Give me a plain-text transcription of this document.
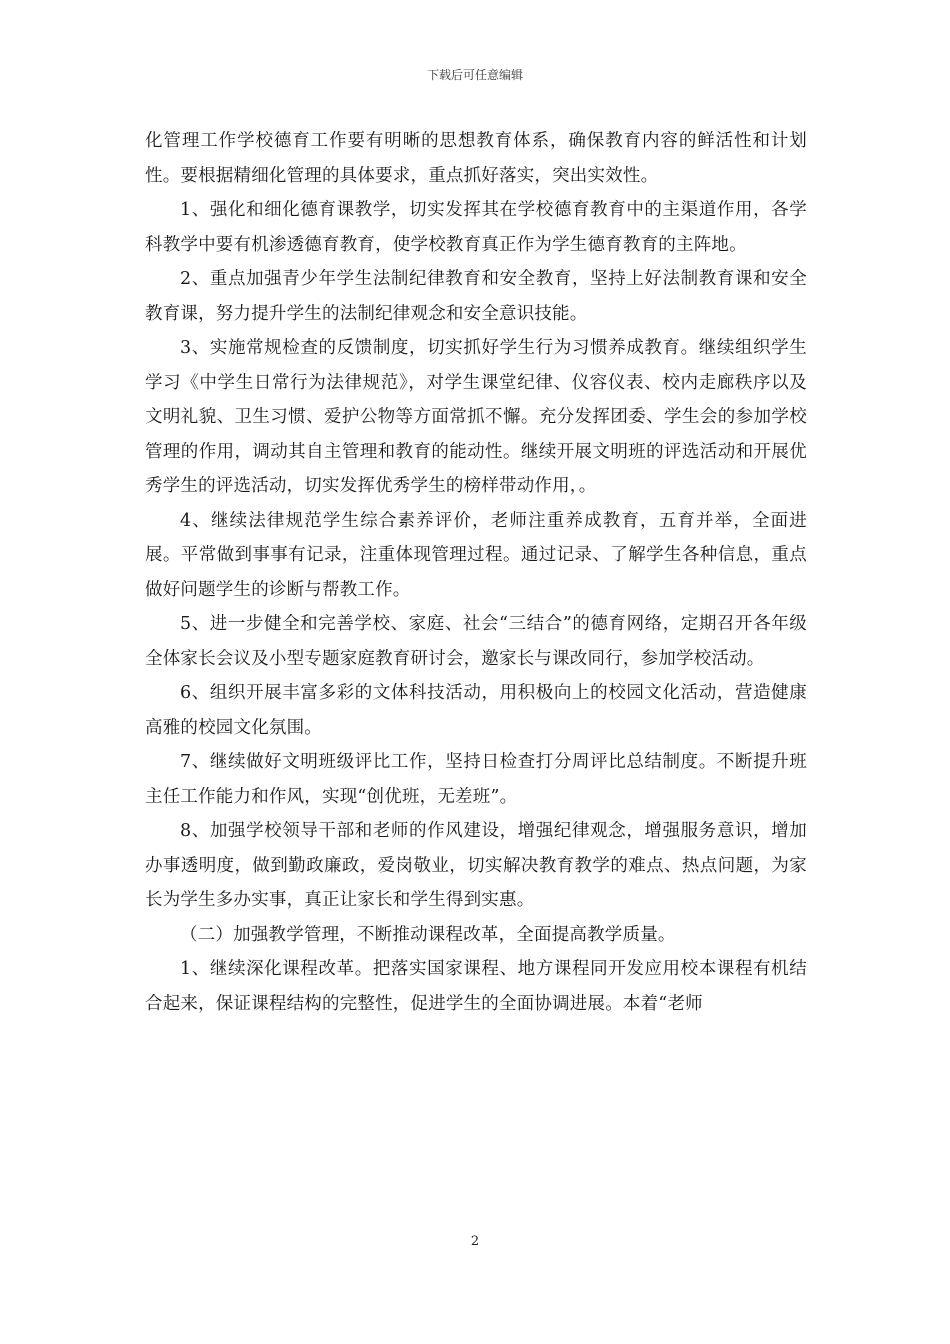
下载后可任意编辑

化管理工作学校德育工作要有明晰的思想教育体系，确保教育内容的鲜活性和计划性。要根据精细化管理的具体要求，重点抓好落实，突出实效性。

1、强化和细化德育课教学，切实发挥其在学校德育教育中的主渠道作用，各学科教学中要有机渗透德育教育，使学校教育真正作为学生德育教育的主阵地。

2、重点加强青少年学生法制纪律教育和安全教育，坚持上好法制教育课和安全教育课，努力提升学生的法制纪律观念和安全意识技能。

3、实施常规检查的反馈制度，切实抓好学生行为习惯养成教育。继续组织学生学习《中学生日常行为法律规范》，对学生课堂纪律、仪容仪表、校内走廊秩序以及文明礼貌、卫生习惯、爱护公物等方面常抓不懈。充分发挥团委、学生会的参加学校管理的作用，调动其自主管理和教育的能动性。继续开展文明班的评选活动和开展优秀学生的评选活动，切实发挥优秀学生的榜样带动作用，。

4、继续法律规范学生综合素养评价，老师注重养成教育，五育并举，全面进展。平常做到事事有记录，注重体现管理过程。通过记录、了解学生各种信息，重点做好问题学生的诊断与帮教工作。

5、进一步健全和完善学校、家庭、社会“三结合”的德育网络，定期召开各年级全体家长会议及小型专题家庭教育研讨会，邀家长与课改同行，参加学校活动。

6、组织开展丰富多彩的文体科技活动，用积极向上的校园文化活动，营造健康高雅的校园文化氛围。

7、继续做好文明班级评比工作，坚持日检查打分周评比总结制度。不断提升班主任工作能力和作风，实现“创优班，无差班”。

8、加强学校领导干部和老师的作风建设，增强纪律观念，增强服务意识，增加办事透明度，做到勤政廉政，爱岗敬业，切实解决教育教学的难点、热点问题，为家长为学生多办实事，真正让家长和学生得到实惠。

（二）加强教学管理，不断推动课程改革，全面提高教学质量。

1、继续深化课程改革。把落实国家课程、地方课程同开发应用校本课程有机结合起来，保证课程结构的完整性，促进学生的全面协调进展。本着“老师

2
